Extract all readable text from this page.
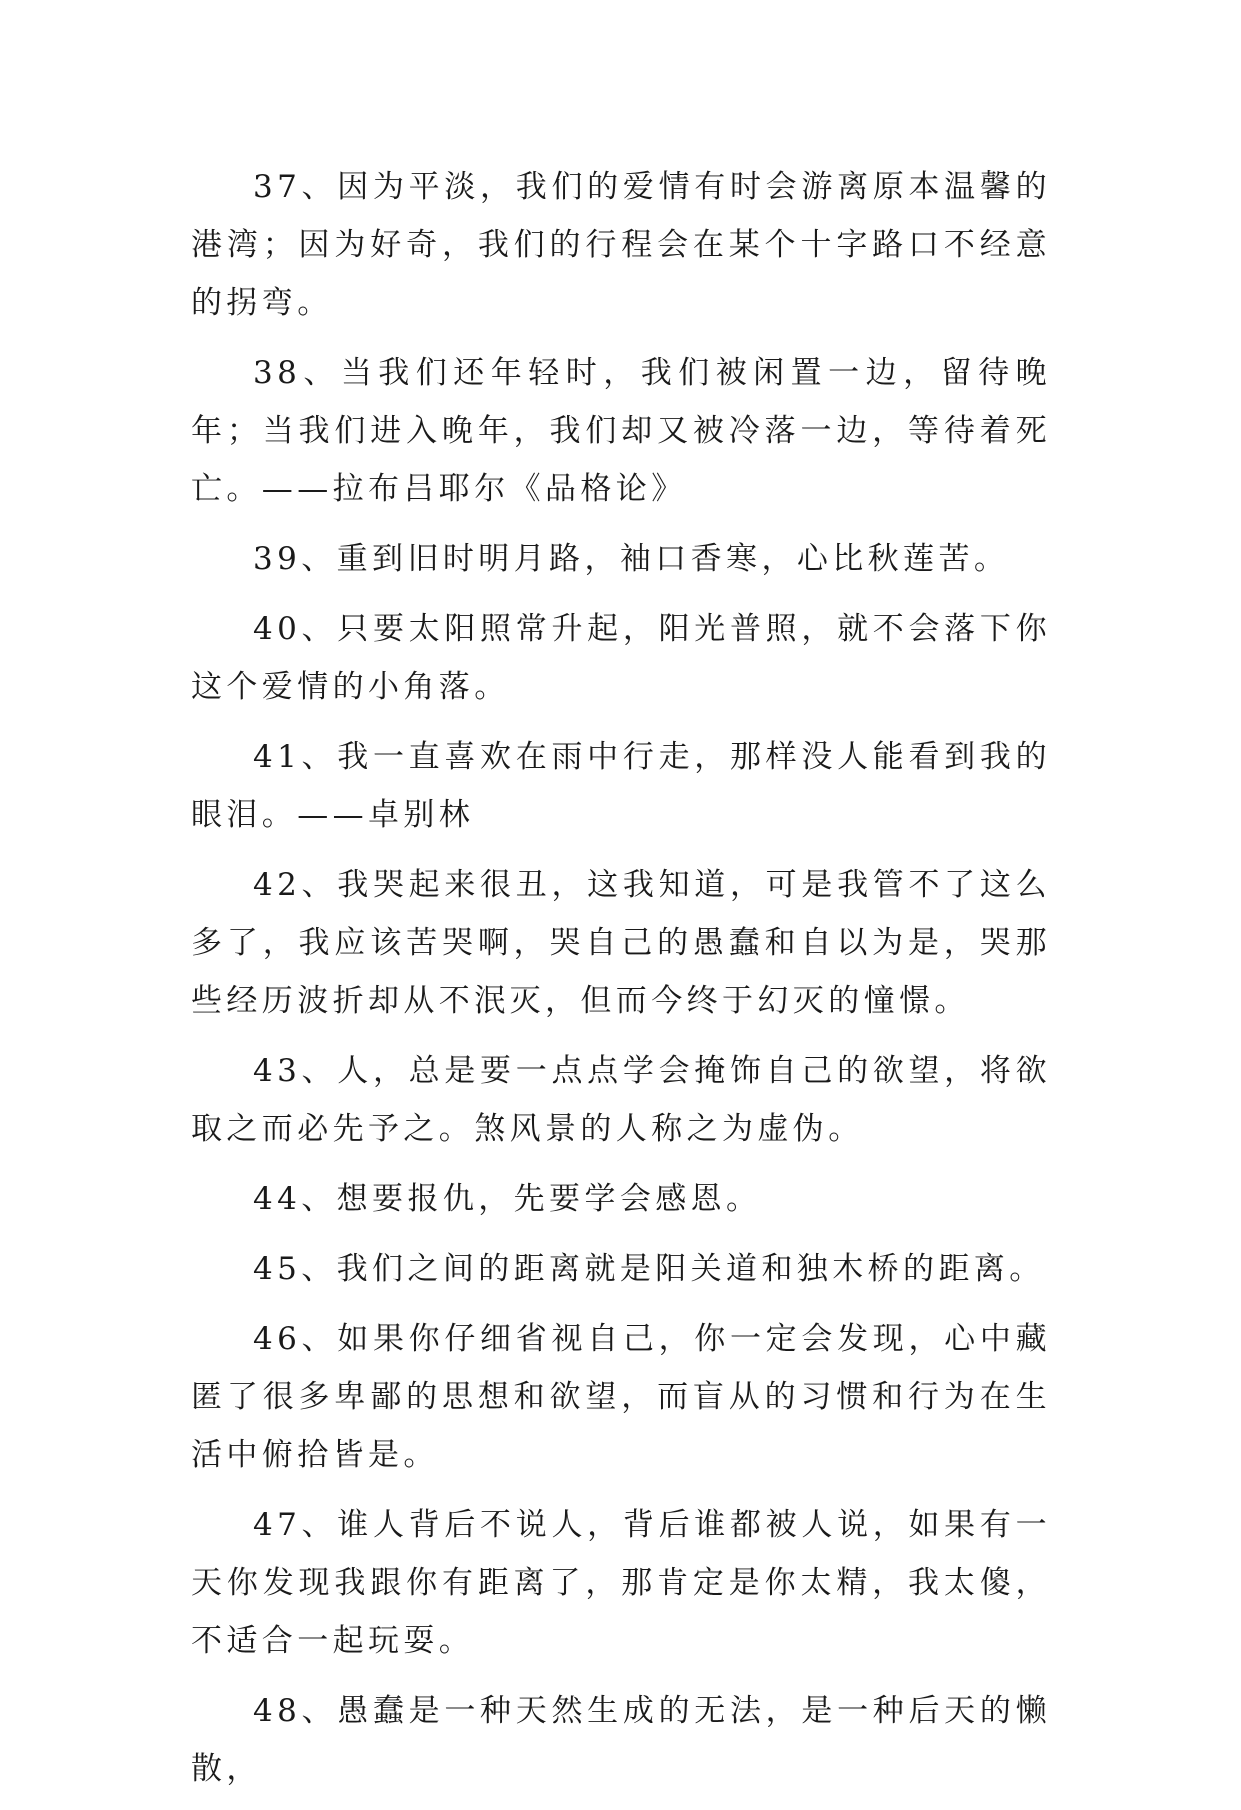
37、因为平淡，我们的爱情有时会游离原本温馨的港湾；因为好奇，我们的行程会在某个十字路口不经意的拐弯。

38、当我们还年轻时，我们被闲置一边，留待晚年；当我们进入晚年，我们却又被冷落一边，等待着死亡。——拉布吕耶尔《品格论》

39、重到旧时明月路，袖口香寒，心比秋莲苦。

40、只要太阳照常升起，阳光普照，就不会落下你这个爱情的小角落。

41、我一直喜欢在雨中行走，那样没人能看到我的眼泪。——卓别林

42、我哭起来很丑，这我知道，可是我管不了这么多了，我应该苦哭啊，哭自己的愚蠢和自以为是，哭那些经历波折却从不泯灭，但而今终于幻灭的憧憬。

43、人，总是要一点点学会掩饰自己的欲望，将欲取之而必先予之。煞风景的人称之为虚伪。

44、想要报仇，先要学会感恩。

45、我们之间的距离就是阳关道和独木桥的距离。

46、如果你仔细省视自己，你一定会发现，心中藏匿了很多卑鄙的思想和欲望，而盲从的习惯和行为在生活中俯拾皆是。

47、谁人背后不说人，背后谁都被人说，如果有一天你发现我跟你有距离了，那肯定是你太精，我太傻，不适合一起玩耍。

48、愚蠢是一种天然生成的无法，是一种后天的懒散，
